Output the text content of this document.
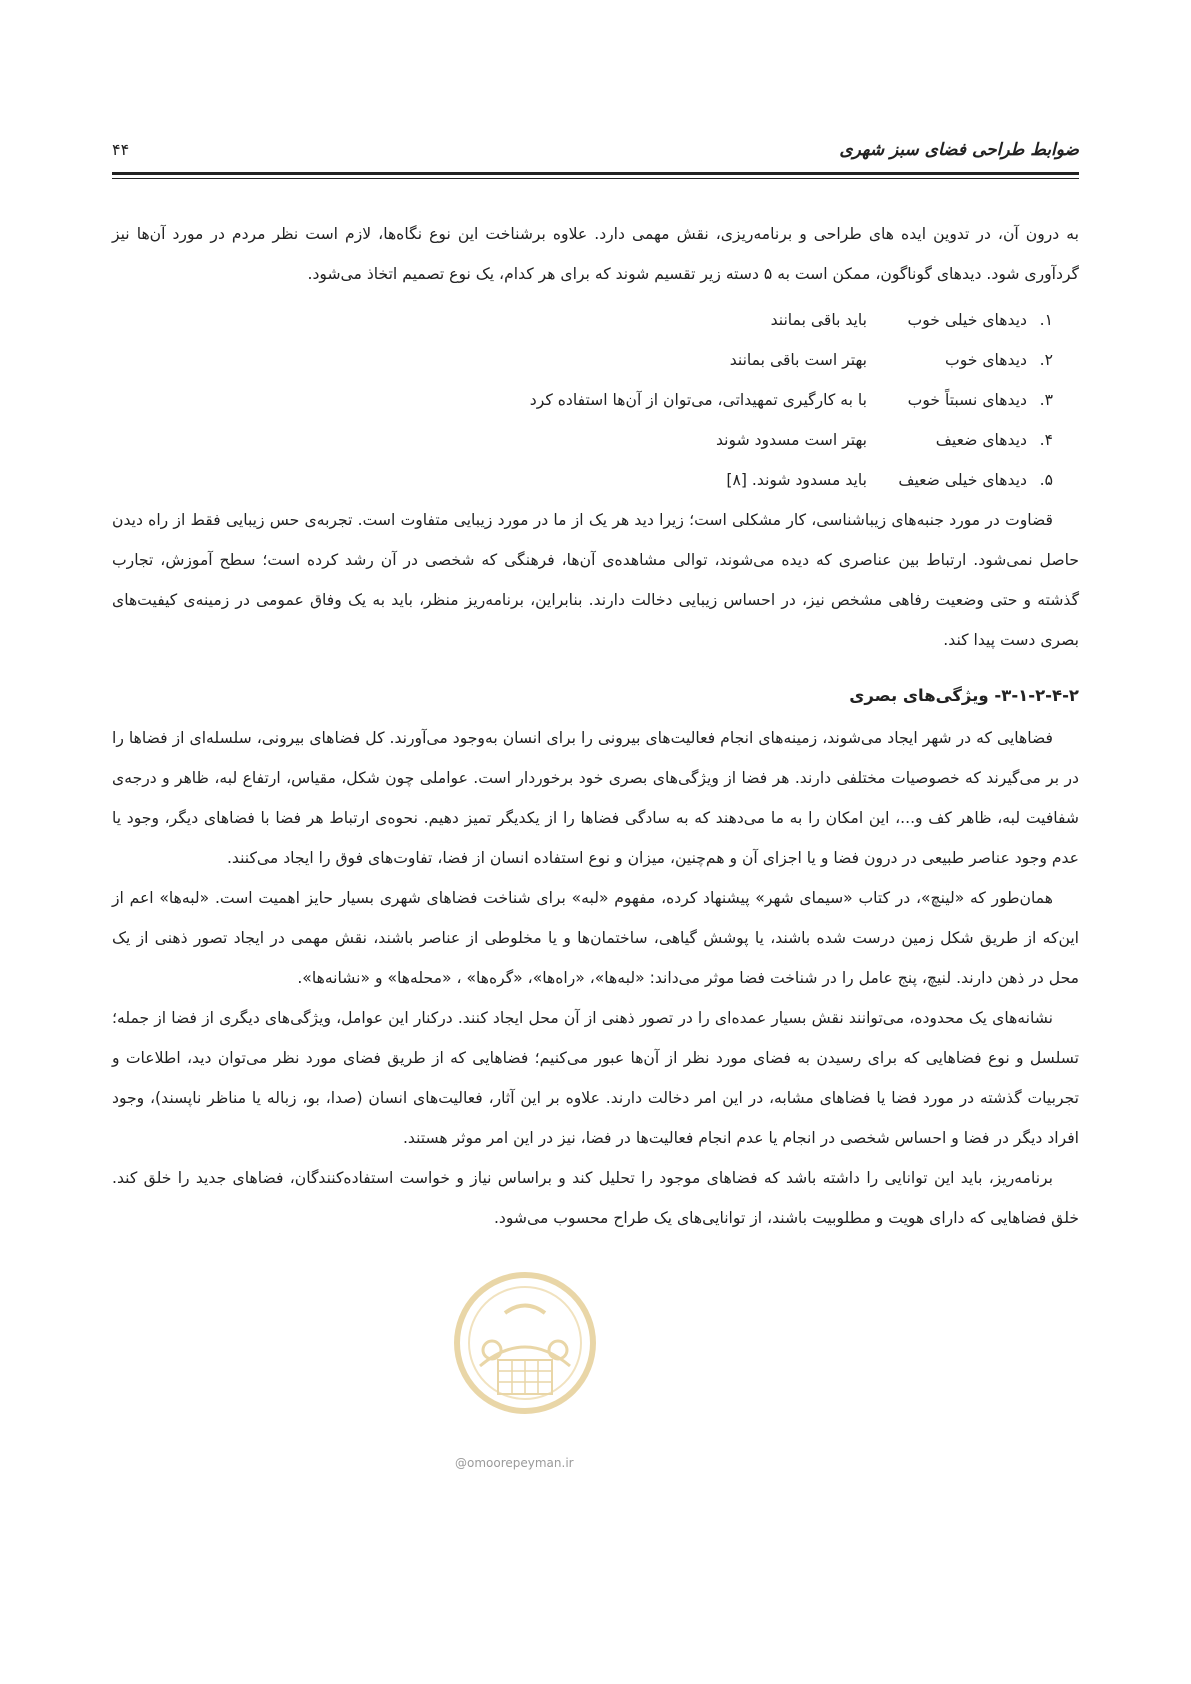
ضوابط طراحی فضای سبز شهری
۴۴

به درون آن، در تدوین ایده های طراحی و برنامه‌ریزی، نقش مهمی دارد. علاوه برشناخت این نوع نگاه‌ها، لازم است نظر مردم در مورد آن‌ها نیز گردآوری شود. دیدهای گوناگون، ممکن است به ۵ دسته زیر تقسیم شوند که برای هر کدام، یک نوع تصمیم اتخاذ می‌شود.

۱.
دیدهای خیلی خوب
باید باقی بمانند
۲.
دیدهای خوب
بهتر است باقی بمانند
۳.
دیدهای نسبتاً خوب
با به کارگیری تمهیداتی، می‌توان از آن‌ها استفاده کرد
۴.
دیدهای ضعیف
بهتر است مسدود شوند
۵.
دیدهای خیلی ضعیف
باید مسدود شوند. [۸]

قضاوت در مورد جنبه‌های زیباشناسی، کار مشکلی است؛ زیرا دید هر یک از ما در مورد زیبایی متفاوت است. تجربه‌ی حس زیبایی فقط از راه دیدن حاصل نمی‌شود. ارتباط بین عناصری که دیده می‌شوند، توالی مشاهده‌ی آن‌ها، فرهنگی که شخصی در آن رشد کرده است؛ سطح آموزش، تجارب گذشته و حتی وضعیت رفاهی مشخص نیز، در احساس زیبایی دخالت دارند. بنابراین، برنامه‌ریز منظر، باید به یک وفاق عمومی در زمینه‌ی کیفیت‌های بصری دست پیدا کند.

۳-۱-۲-۴-۲- ویژگی‌های بصری

فضاهایی که در شهر ایجاد می‌شوند، زمینه‌های انجام فعالیت‌های بیرونی را برای انسان به‌وجود می‌آورند. کل فضاهای بیرونی، سلسله‌ای از فضاها را در بر می‌گیرند که خصوصیات مختلفی دارند. هر فضا از ویژگی‌های بصری خود برخوردار است. عواملی چون شکل، مقیاس، ارتفاع لبه، ظاهر و درجه‌ی شفافیت لبه، ظاهر کف و...، این امکان را به ما می‌دهند که به سادگی فضاها را از یکدیگر تمیز دهیم. نحوه‌ی ارتباط هر فضا با فضاهای دیگر، وجود یا عدم وجود عناصر طبیعی در درون فضا و یا اجزای آن و هم‌چنین، میزان و نوع استفاده انسان از فضا، تفاوت‌های فوق را ایجاد می‌کنند.

همان‌طور که «لینچ»، در کتاب «سیمای شهر» پیشنهاد کرده، مفهوم «لبه» برای شناخت فضاهای شهری بسیار حایز اهمیت است. «لبه‌ها» اعم از این‌که از طریق شکل زمین درست شده باشند، یا پوشش گیاهی، ساختمان‌ها و یا مخلوطی از عناصر باشند، نقش مهمی در ایجاد تصور ذهنی از یک محل در ذهن دارند. لنیچ، پنج عامل را در شناخت فضا موثر می‌داند: «لبه‌ها»، «راه‌ها»، «گره‌ها» ، «محله‌ها» و «نشانه‌ها».

نشانه‌های یک محدوده، می‌توانند نقش بسیار عمده‌ای را در تصور ذهنی از آن محل ایجاد کنند. درکنار این عوامل، ویژگی‌های دیگری از فضا از جمله؛ تسلسل و نوع فضاهایی که برای رسیدن به فضای مورد نظر از آن‌ها عبور می‌کنیم؛ فضاهایی که از طریق فضای مورد نظر می‌توان دید، اطلاعات و تجربیات گذشته در مورد فضا یا فضاهای مشابه، در این امر دخالت دارند. علاوه بر این آثار، فعالیت‌های انسان (صدا، بو، زباله یا مناظر ناپسند)، وجود افراد دیگر در فضا و احساس شخصی در انجام یا عدم انجام فعالیت‌ها در فضا، نیز در این امر موثر هستند.

برنامه‌ریز، باید این توانایی را داشته باشد که فضاهای موجود را تحلیل کند و براساس نیاز و خواست استفاده‌کنندگان، فضاهای جدید را خلق کند. خلق فضاهایی که دارای هویت و مطلوبیت باشند، از توانایی‌های یک طراح محسوب می‌شود.

@omoorepeyman.ir
